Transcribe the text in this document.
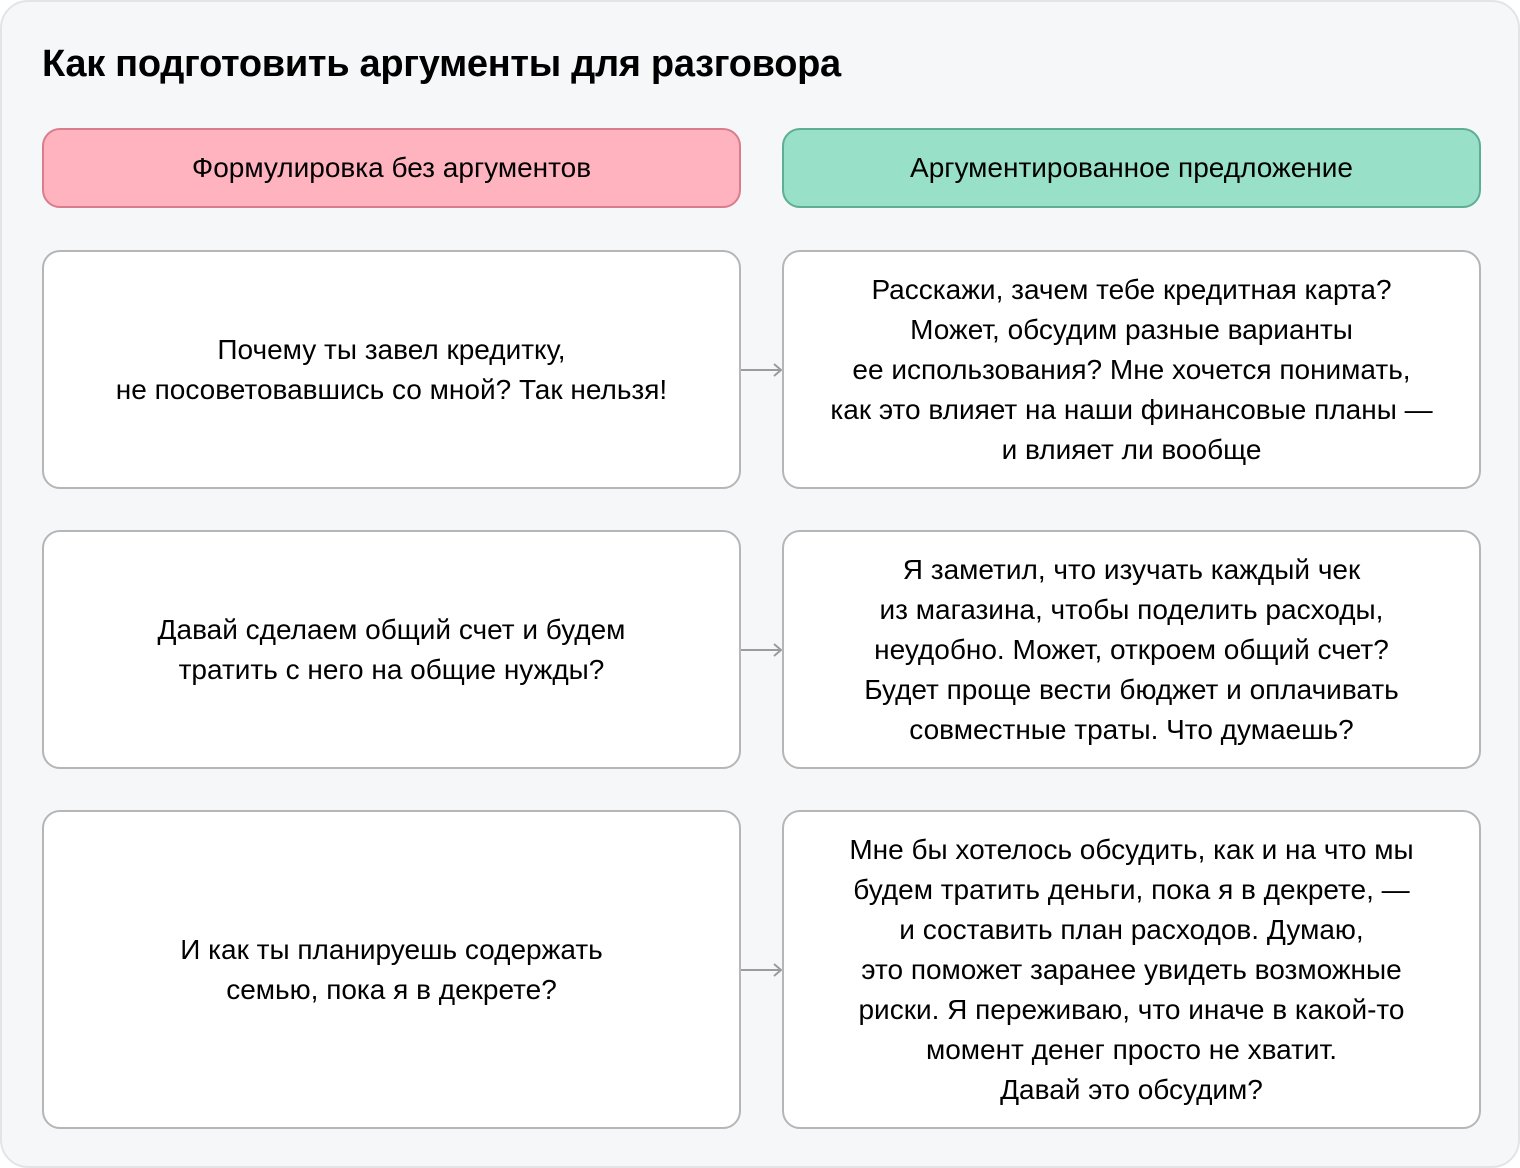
Как подготовить аргументы для разговора
Формулировка без аргументов	Аргументированное предложение
Почему ты завел кредитку,
не посоветовавшись со мной? Так нельзя!
Расскажи, зачем тебе кредитная карта?
Может, обсудим разные варианты
ее использования? Мне хочется понимать,
как это влияет на наши финансовые планы —
и влияет ли вообще
Давай сделаем общий счет и будем
тратить с него на общие нужды?
Я заметил, что изучать каждый чек
из магазина, чтобы поделить расходы,
неудобно. Может, откроем общий счет?
Будет проще вести бюджет и оплачивать
совместные траты. Что думаешь?
И как ты планируешь содержать
семью, пока я в декрете?
Мне бы хотелось обсудить, как и на что мы
будем тратить деньги, пока я в декрете, —
и составить план расходов. Думаю,
это поможет заранее увидеть возможные
риски. Я переживаю, что иначе в какой-то
момент денег просто не хватит.
Давай это обсудим?
